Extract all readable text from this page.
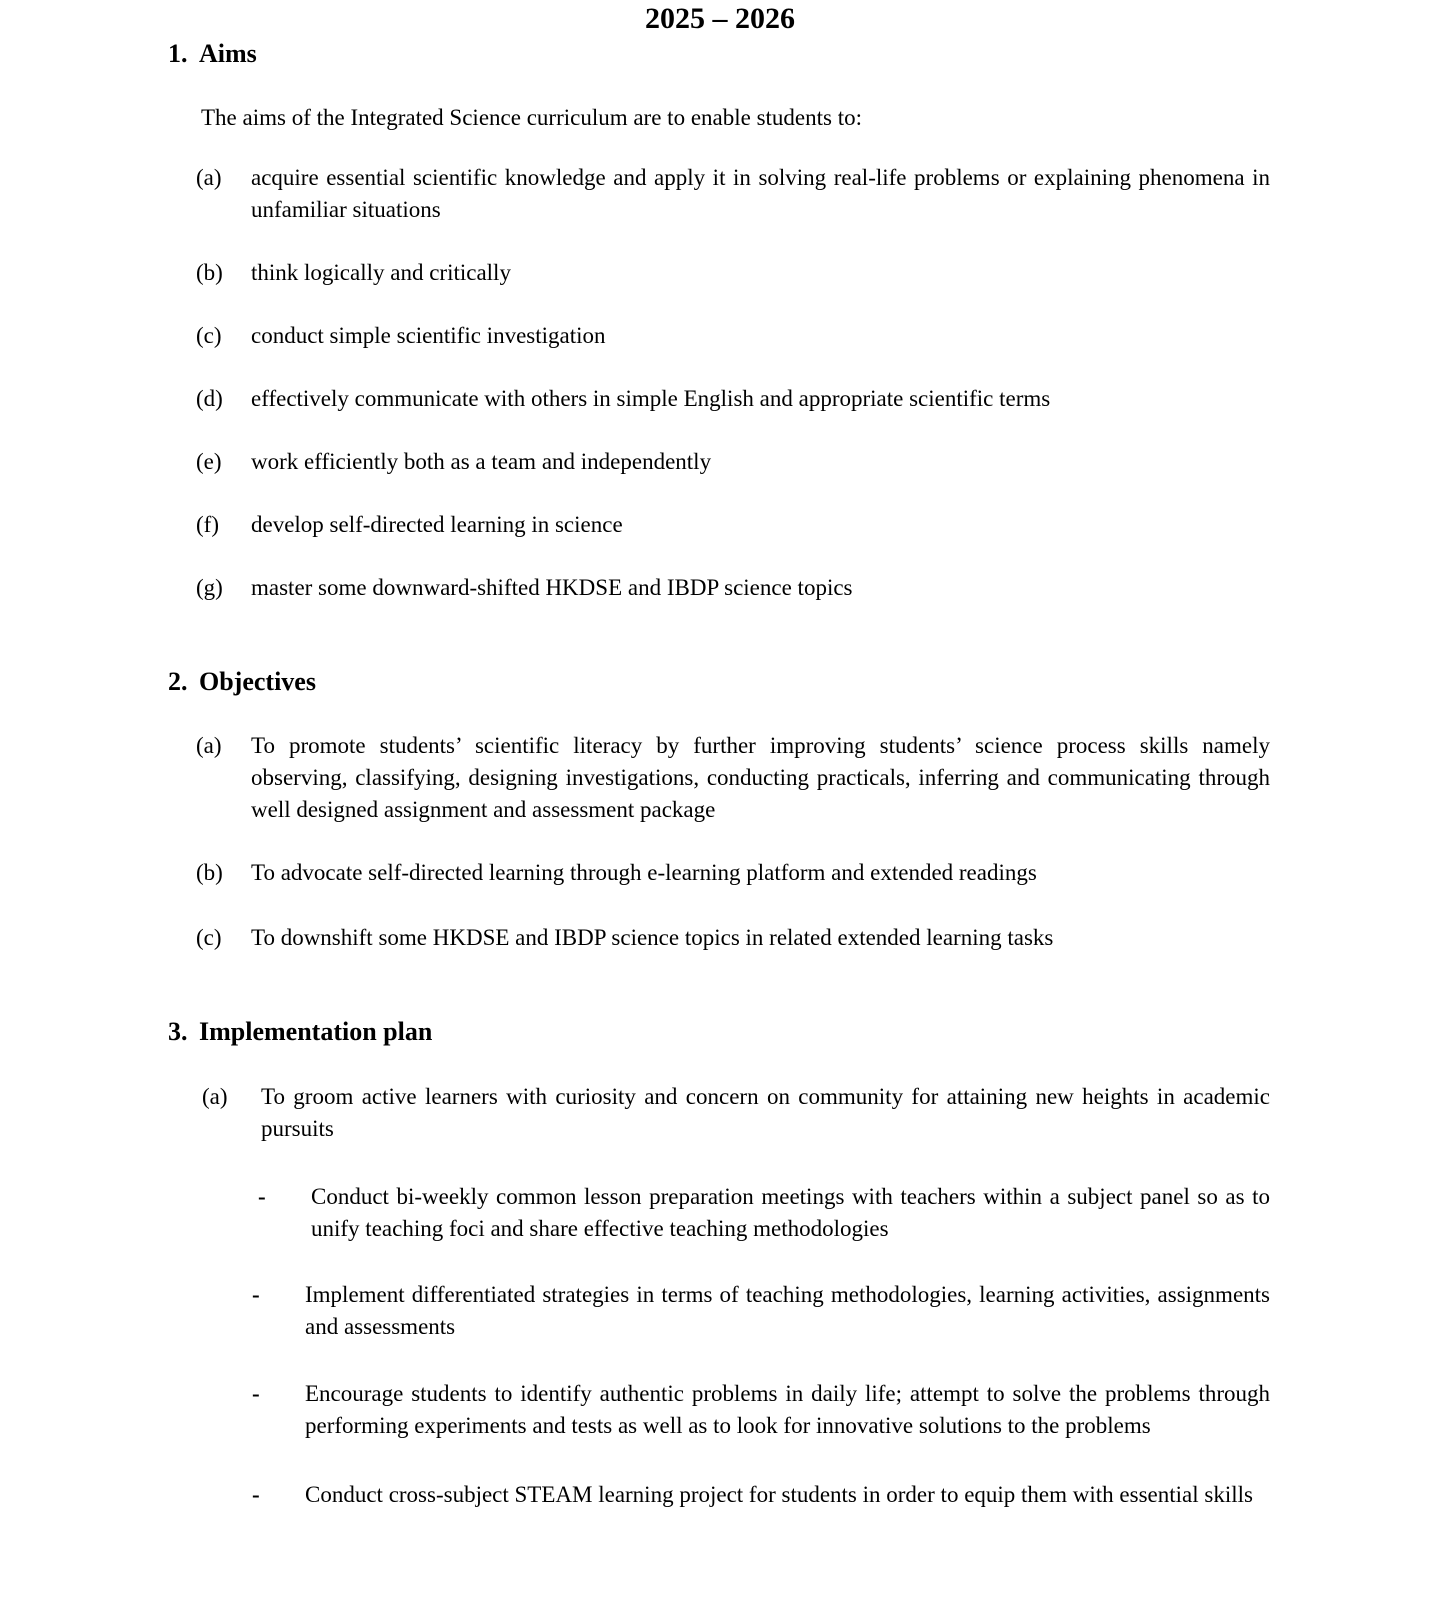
2025 – 2026
1. Aims

The aims of the Integrated Science curriculum are to enable students to:

(a)	acquire essential scientific knowledge and apply it in solving real-life problems or explaining phenomena in unfamiliar situations
(b)	think logically and critically
(c)	conduct simple scientific investigation
(d)	effectively communicate with others in simple English and appropriate scientific terms
(e)	work efficiently both as a team and independently
(f)	develop self-directed learning in science
(g)	master some downward-shifted HKDSE and IBDP science topics
2. Objectives
(a)	To promote students’ scientific literacy by further improving students’ science process skills namely observing, classifying, designing investigations, conducting practicals, inferring and communicating through well designed assignment and assessment package
(b)	To advocate self-directed learning through e-learning platform and extended readings
(c)	To downshift some HKDSE and IBDP science topics in related extended learning tasks
3. Implementation plan
(a)	To groom active learners with curiosity and concern on community for attaining new heights in academic pursuits
-	Conduct bi-weekly common lesson preparation meetings with teachers within a subject panel so as to unify teaching foci and share effective teaching methodologies
-	Implement differentiated strategies in terms of teaching methodologies, learning activities, assignments and assessments
-	Encourage students to identify authentic problems in daily life; attempt to solve the problems through performing experiments and tests as well as to look for innovative solutions to the problems
-	Conduct cross-subject STEAM learning project for students in order to equip them with essential skills
